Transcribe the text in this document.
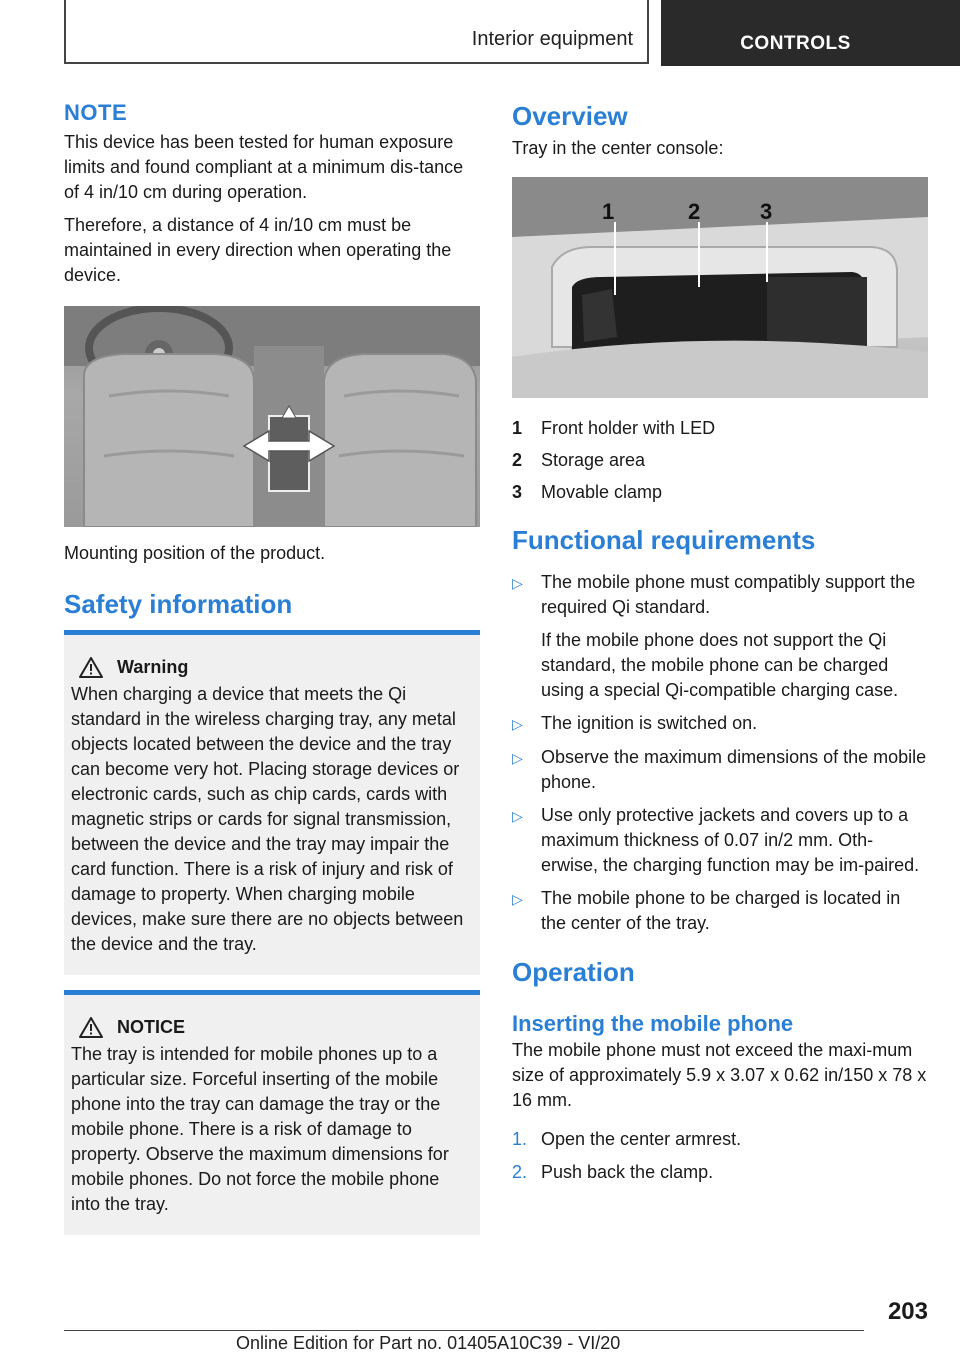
Interior equipment	CONTROLS
NOTE

This device has been tested for human exposure limits and found compliant at a minimum dis‐tance of 4 in/10 cm during operation.

Therefore, a distance of 4 in/10 cm must be maintained in every direction when operating the device.

Mounting position of the product.

Safety information
Warning

When charging a device that meets the Qi standard in the wireless charging tray, any metal objects located between the device and the tray can become very hot. Placing storage devices or electronic cards, such as chip cards, cards with magnetic strips or cards for signal transmission, between the device and the tray may impair the card function. There is a risk of injury and risk of damage to property. When charging mobile devices, make sure there are no objects between the device and the tray.

NOTICE

The tray is intended for mobile phones up to a particular size. Forceful inserting of the mobile phone into the tray can damage the tray or the mobile phone. There is a risk of damage to property. Observe the maximum dimensions for mobile phones. Do not force the mobile phone into the tray.

Overview

Tray in the center console:

1	2	3
1	Front holder with LED
2	Storage area
3	Movable clamp
Functional requirements
▷	The mobile phone must compatibly support the required Qi standard.
If the mobile phone does not support the Qi standard, the mobile phone can be charged using a special Qi-compatible charging case.
▷	The ignition is switched on.
▷	Observe the maximum dimensions of the mobile phone.
▷	Use only protective jackets and covers up to a maximum thickness of 0.07 in/2 mm. Oth‐erwise, the charging function may be im‐paired.
▷	The mobile phone to be charged is located in the center of the tray.
Operation
Inserting the mobile phone

The mobile phone must not exceed the maxi‐mum size of approximately 5.9 x 3.07 x 0.62 in/150 x 78 x 16 mm.

1. Open the center armrest.
2. Push back the clamp.
203
Online Edition for Part no. 01405A10C39 - VI/20
